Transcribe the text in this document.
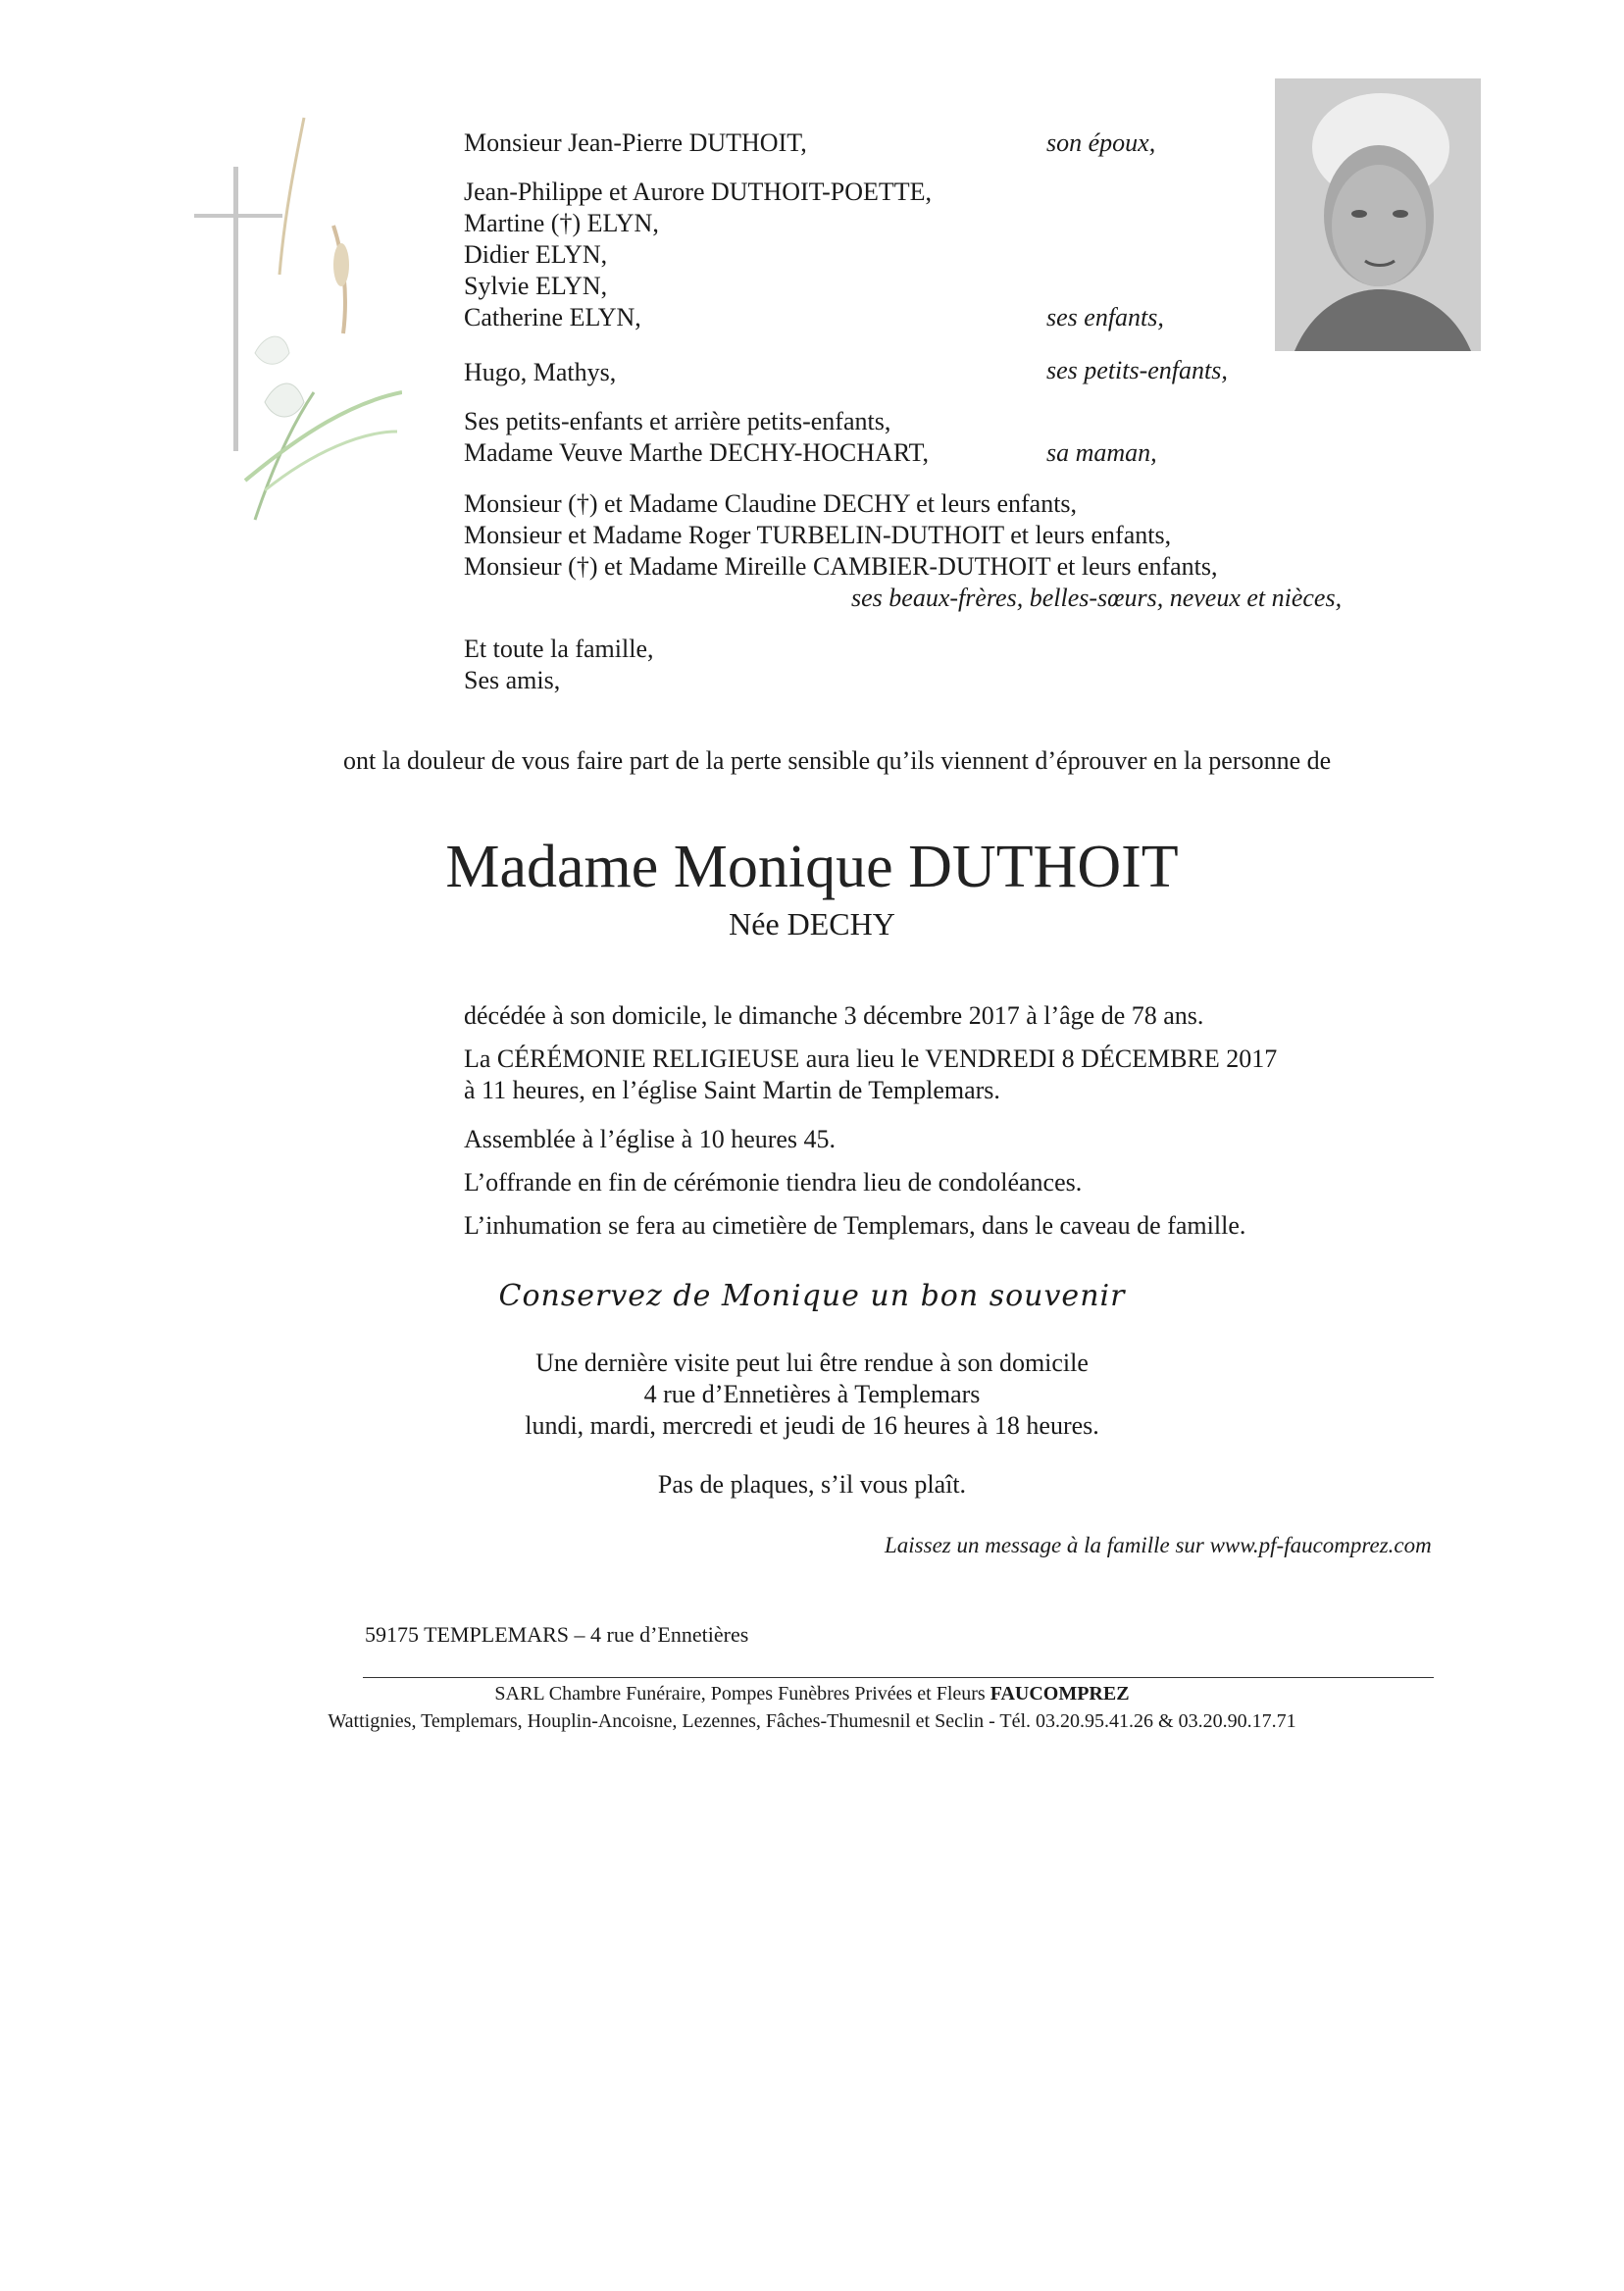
Monsieur Jean-Pierre DUTHOIT,	son époux,
Jean-Philippe et Aurore DUTHOIT-POETTE,
Martine (†) ELYN,
Didier ELYN,
Sylvie ELYN,
Catherine ELYN,	ses enfants,
Hugo, Mathys,	ses petits-enfants,
Ses petits-enfants et arrière petits-enfants,
Madame Veuve Marthe DECHY-HOCHART,	sa maman,
Monsieur (†) et Madame Claudine DECHY et leurs enfants,
Monsieur et Madame Roger TURBELIN-DUTHOIT et leurs enfants,
Monsieur (†) et Madame Mireille CAMBIER-DUTHOIT et leurs enfants,
ses beaux-frères, belles-sœurs, neveux et nièces,
Et toute la famille,
Ses amis,
ont la douleur de vous faire part de la perte sensible qu’ils viennent d’éprouver en la personne de
Madame Monique DUTHOIT
Née DECHY
décédée à son domicile, le dimanche 3 décembre 2017 à l’âge de 78 ans.
La CÉRÉMONIE RELIGIEUSE aura lieu le VENDREDI 8 DÉCEMBRE 2017
à 11 heures, en l’église Saint Martin de Templemars.
Assemblée à l’église à 10 heures 45.
L’offrande en fin de cérémonie tiendra lieu de condoléances.
L’inhumation se fera au cimetière de Templemars, dans le caveau de famille.
Conservez de Monique un bon souvenir
Une dernière visite peut lui être rendue à son domicile
4 rue d’Ennetières à Templemars
lundi, mardi, mercredi et jeudi de 16 heures à 18 heures.
Pas de plaques, s’il vous plaît.
Laissez un message à la famille sur www.pf-faucomprez.com
59175 TEMPLEMARS – 4 rue d’Ennetières
SARL Chambre Funéraire, Pompes Funèbres Privées et Fleurs FAUCOMPREZ
Wattignies, Templemars, Houplin-Ancoisne, Lezennes, Fâches-Thumesnil et Seclin - Tél. 03.20.95.41.26 & 03.20.90.17.71
